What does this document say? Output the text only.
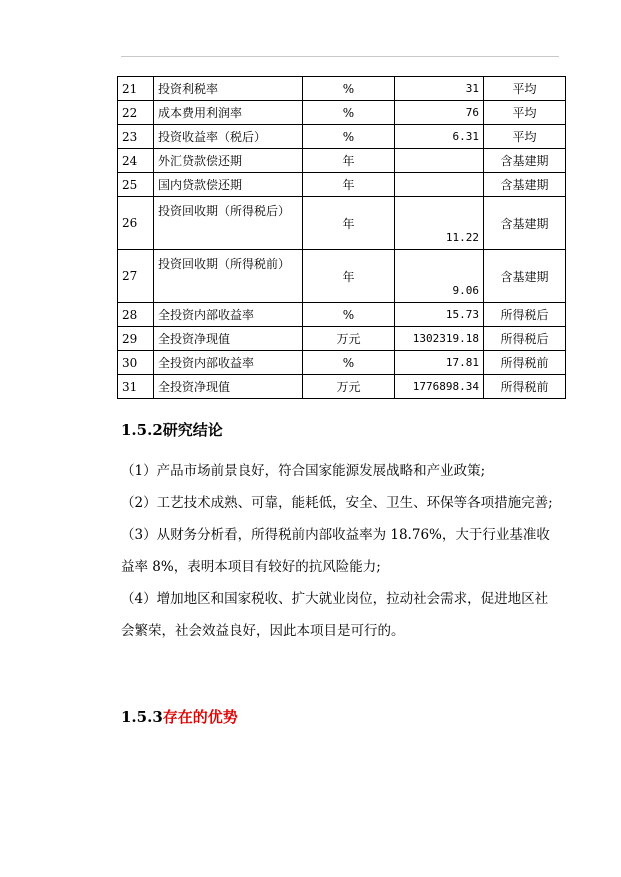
21	投资利税率	%	31	平均
22	成本费用利润率	%	76	平均
23	投资收益率（税后）	%	6.31	平均
24	外汇贷款偿还期	年		含基建期
25	国内贷款偿还期	年		含基建期
26	投资回收期（所得税后）	年	11.22	含基建期
27	投资回收期（所得税前）	年	9.06	含基建期
28	全投资内部收益率	%	15.73	所得税后
29	全投资净现值	万元	1302319.18	所得税后
30	全投资内部收益率	%	17.81	所得税前
31	全投资净现值	万元	1776898.34	所得税前
1.5.2研究结论
（1）产品市场前景良好，符合国家能源发展战略和产业政策;
（2）工艺技术成熟、可靠，能耗低，安全、卫生、环保等各项措施完善;
（3）从财务分析看，所得税前内部收益率为 18.76%，大于行业基准收益率 8%，表明本项目有较好的抗风险能力;
（4）增加地区和国家税收、扩大就业岗位，拉动社会需求，促进地区社会繁荣，社会效益良好，因此本项目是可行的。
1.5.3存在的优势
